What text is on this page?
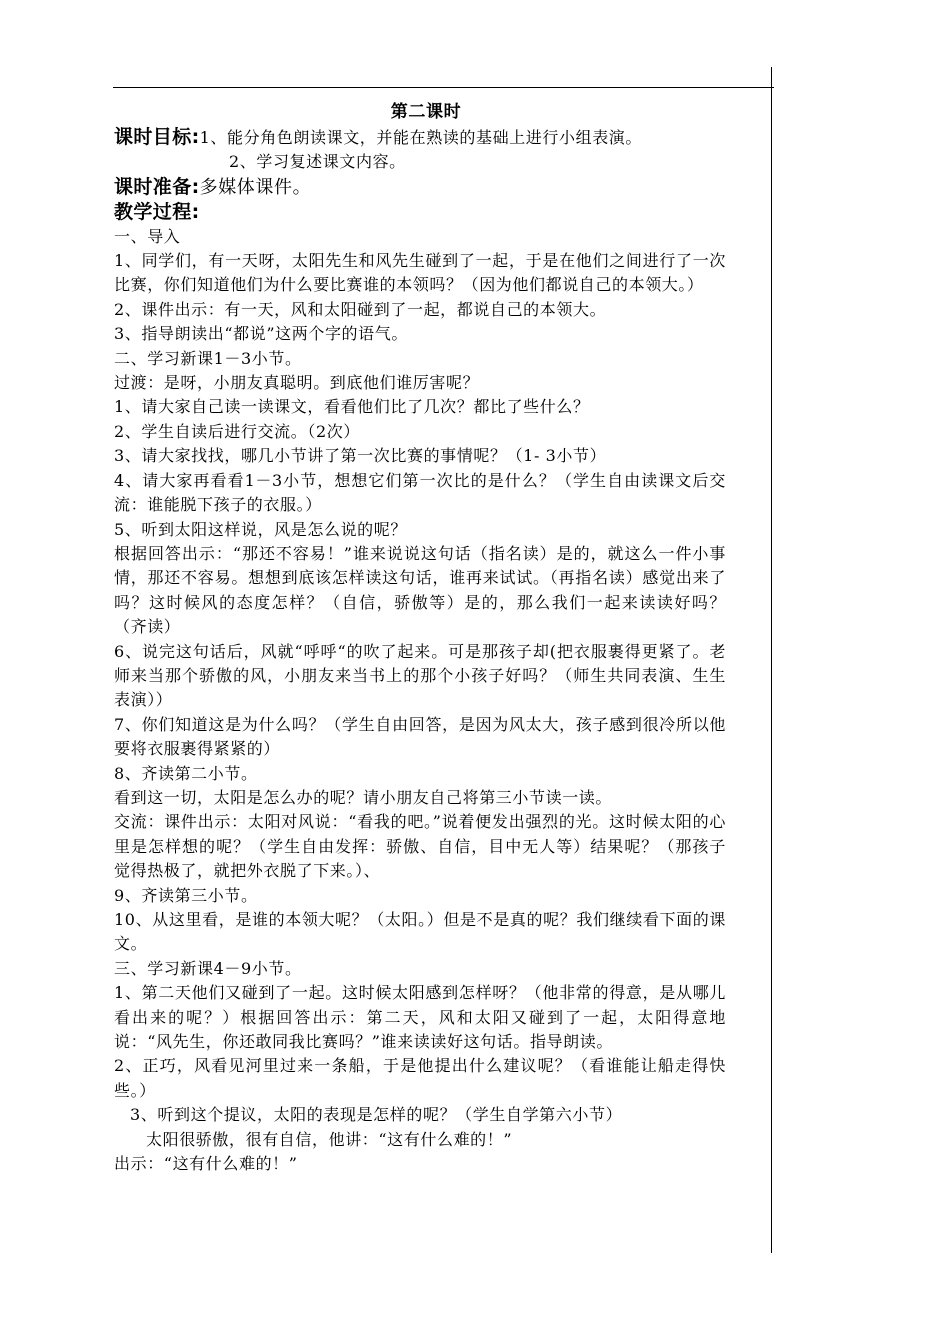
第二课时
课时目标:1、能分角色朗读课文，并能在熟读的基础上进行小组表演。
2、学习复述课文内容。
课时准备:多媒体课件。
教学过程:
一、导入
1、同学们，有一天呀，太阳先生和风先生碰到了一起，于是在他们之间进行了一次比赛，你们知道他们为什么要比赛谁的本领吗？（因为他们都说自己的本领大。）
2、课件出示：有一天，风和太阳碰到了一起，都说自己的本领大。
3、指导朗读出“都说”这两个字的语气。
二、学习新课1－3小节。
过渡：是呀，小朋友真聪明。到底他们谁厉害呢？
1、请大家自己读一读课文，看看他们比了几次？都比了些什么？
2、学生自读后进行交流。（2次）
3、请大家找找，哪几小节讲了第一次比赛的事情呢？（1- 3小节）
4、请大家再看看1－3小节，想想它们第一次比的是什么？（学生自由读课文后交流：谁能脱下孩子的衣服。）
5、听到太阳这样说，风是怎么说的呢？
根据回答出示：“那还不容易！”谁来说说这句话（指名读）是的，就这么一件小事情，那还不容易。想想到底该怎样读这句话，谁再来试试。（再指名读）感觉出来了吗？这时候风的态度怎样？（自信，骄傲等）是的，那么我们一起来读读好吗？（齐读）
6、说完这句话后，风就“呼呼“的吹了起来。可是那孩子却(把衣服裹得更紧了。老师来当那个骄傲的风，小朋友来当书上的那个小孩子好吗？（师生共同表演、生生表演））
7、你们知道这是为什么吗？（学生自由回答，是因为风太大，孩子感到很冷所以他要将衣服裹得紧紧的）
8、齐读第二小节。
看到这一切，太阳是怎么办的呢？请小朋友自己将第三小节读一读。
交流：课件出示：太阳对风说：“看我的吧。”说着便发出强烈的光。这时候太阳的心里是怎样想的呢？（学生自由发挥：骄傲、自信，目中无人等）结果呢？（那孩子觉得热极了，就把外衣脱了下来。）、
9、齐读第三小节。
10、从这里看，是谁的本领大呢？（太阳。）但是不是真的呢？我们继续看下面的课文。
三、学习新课4－9小节。
1、第二天他们又碰到了一起。这时候太阳感到怎样呀？（他非常的得意，是从哪儿看出来的呢？）根据回答出示：第二天，风和太阳又碰到了一起，太阳得意地说：“风先生，你还敢同我比赛吗？”谁来读读好这句话。指导朗读。
2、正巧，风看见河里过来一条船，于是他提出什么建议呢？（看谁能让船走得快些。）
3、听到这个提议，太阳的表现是怎样的呢？（学生自学第六小节）
太阳很骄傲，很有自信，他讲：“这有什么难的！”
出示：“这有什么难的！”
